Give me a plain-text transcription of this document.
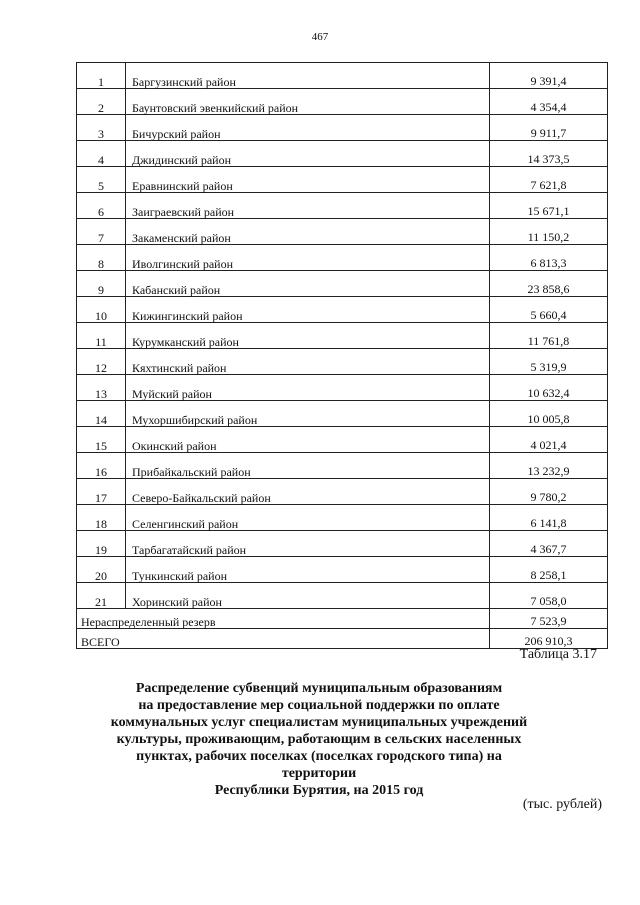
467
1	Баргузинский район	9 391,4
2	Баунтовский эвенкийский район	4 354,4
3	Бичурский район	9 911,7
4	Джидинский район	14 373,5
5	Еравнинский район	7 621,8
6	Заиграевский район	15 671,1
7	Закаменский район	11 150,2
8	Иволгинский район	6 813,3
9	Кабанский район	23 858,6
10	Кижингинский район	5 660,4
11	Курумканский район	11 761,8
12	Кяхтинский район	5 319,9
13	Муйский район	10 632,4
14	Мухоршибирский район	10 005,8
15	Окинский район	4 021,4
16	Прибайкальский район	13 232,9
17	Северо-Байкальский район	9 780,2
18	Селенгинский район	6 141,8
19	Тарбагатайский район	4 367,7
20	Тункинский район	8 258,1
21	Хоринский район	7 058,0
Нераспределенный резерв		7 523,9
ВСЕГО		206 910,3
Таблица 3.17
Распределение субвенций муниципальным образованиям
на предоставление мер социальной поддержки по оплате
коммунальных услуг специалистам муниципальных учреждений
культуры, проживающим, работающим в сельских населенных
пунктах, рабочих поселках (поселках городского типа) на территории
Республики Бурятия, на 2015 год
(тыс. рублей)
